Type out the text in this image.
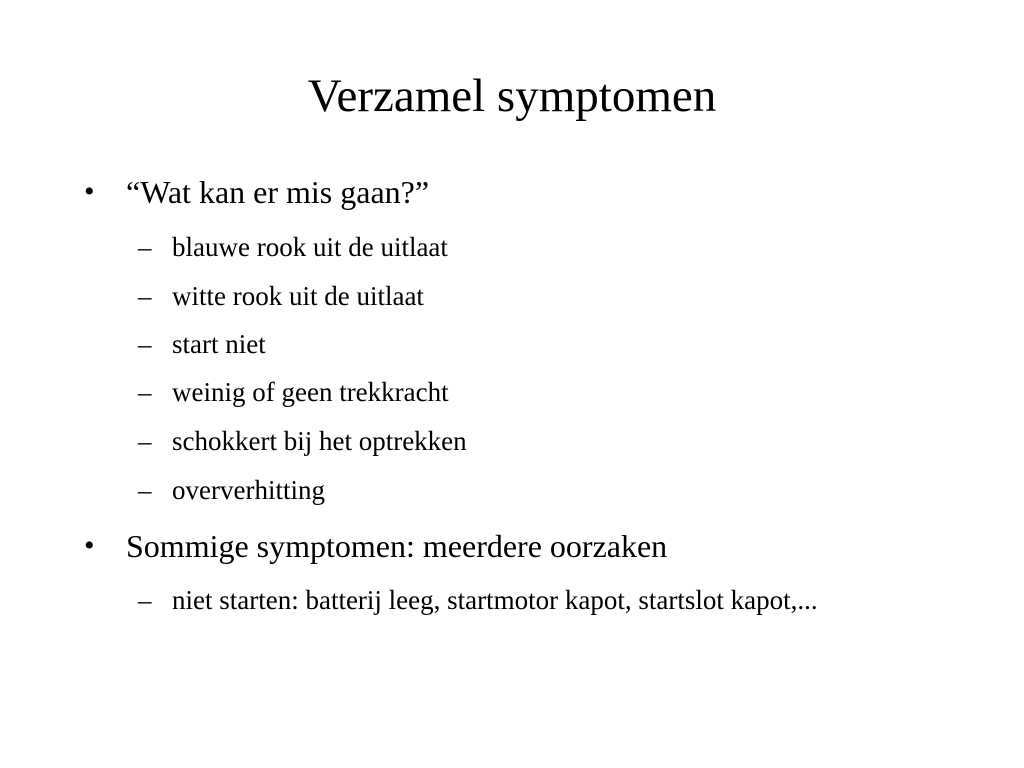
Verzamel symptomen
• “Wat kan er mis gaan?”
– blauwe rook uit de uitlaat
– witte rook uit de uitlaat
– start niet
– weinig of geen trekkracht
– schokkert bij het optrekken
– oververhitting
• Sommige symptomen: meerdere oorzaken
– niet starten: batterij leeg, startmotor kapot, startslot kapot,...
